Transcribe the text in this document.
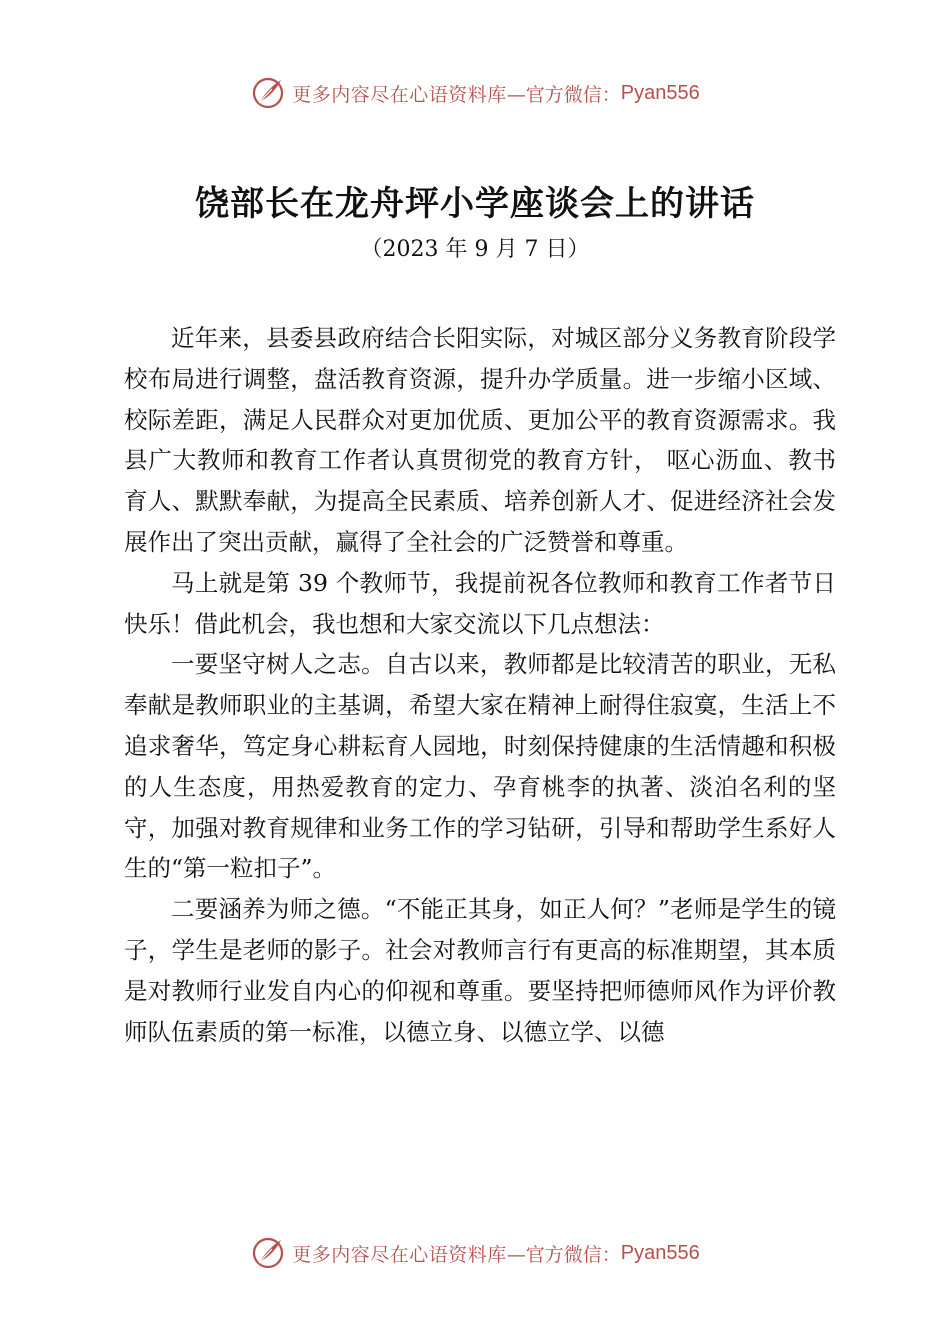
更多内容尽在心语资料库 —官方微信： Pyan556
饶部长在龙舟坪小学座谈会上的讲话
（2023 年 9 月 7 日）

近年来，县委县政府结合长阳实际，对城区部分义务教育阶段学校布局进行调整，盘活教育资源，提升办学质量。进一步缩小区域、校际差距，满足人民群众对更加优质、更加公平的教育资源需求。我县广大教师和教育工作者认真贯彻党的教育方针， 呕心沥血、教书育人、默默奉献，为提高全民素质、培养创新人才、促进经济社会发展作出了突出贡献，赢得了全社会的广泛赞誉和尊重。

马上就是第 39 个教师节，我提前祝各位教师和教育工作者节日快乐！借此机会，我也想和大家交流以下几点想法：

一要坚守树人之志。自古以来，教师都是比较清苦的职业，无私奉献是教师职业的主基调，希望大家在精神上耐得住寂寞，生活上不追求奢华，笃定身心耕耘育人园地，时刻保持健康的生活情趣和积极的人生态度，用热爱教育的定力、孕育桃李的执著、淡泊名利的坚守，加强对教育规律和业务工作的学习钻研，引导和帮助学生系好人生的“第一粒扣子”。

二要涵养为师之德。“不能正其身，如正人何？”老师是学生的镜子，学生是老师的影子。社会对教师言行有更高的标准期望，其本质是对教师行业发自内心的仰视和尊重。要坚持把师德师风作为评价教师队伍素质的第一标准，以德立身、以德立学、以德

更多内容尽在心语资料库 —官方微信： Pyan556
